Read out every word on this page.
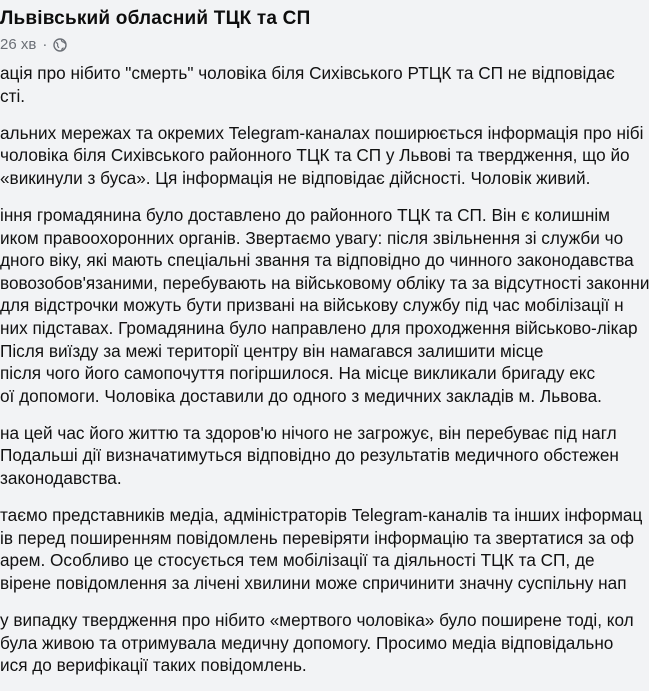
Львівський обласний ТЦК та СП
26 хв ·
ація про нібито "смерть" чоловіка біля Сихівського РТЦК та СП не відповідає
сті.
альних мережах та окремих Telegram-каналах поширюється інформація про нібі
чоловіка біля Сихівського районного ТЦК та СП у Львові та твердження, що йо
«викинули з буса». Ця інформація не відповідає дійсності. Чоловік живий.
іння громадянина було доставлено до районного ТЦК та СП. Він є колишнім
иком правоохоронних органів. Звертаємо увагу: після звільнення зі служби чо
дного віку, які мають спеціальні звання та відповідно до чинного законодавства
вовозобов'язаними, перебувають на військовому обліку та за відсутності законни
для відстрочки можуть бути призвані на військову службу під час мобілізації н
них підставах. Громадянина було направлено для проходження військово-лікар
Після виїзду за межі території центру він намагався залишити місце
після чого його самопочуття погіршилося. На місце викликали бригаду екс
ої допомоги. Чоловіка доставили до одного з медичних закладів м. Львова.
на цей час його життю та здоров'ю нічого не загрожує, він перебуває під нагл
Подальші дії визначатимуться відповідно до результатів медичного обстежен
законодавства.
таємо представників медіа, адміністраторів Telegram-каналів та інших інформац
ів перед поширенням повідомлень перевіряти інформацію та звертатися за оф
арем. Особливо це стосується тем мобілізації та діяльності ТЦК та СП, де
вірене повідомлення за лічені хвилини може спричинити значну суспільну нап
у випадку твердження про нібито «мертвого чоловіка» було поширене тоді, кол
була живою та отримувала медичну допомогу. Просимо медіа відповідально
ися до верифікації таких повідомлень.
